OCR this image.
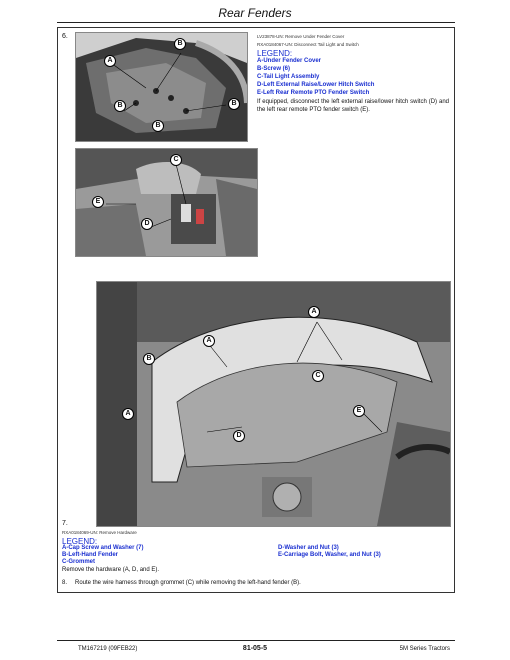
Rear Fenders
6.
A
B
B	B
B
LV23878-UN: Remove Under Fender Cover
RXA0184067-UN: Disconnect Tail Light and Switch
LEGEND:
A-Under Fender Cover
B-Screw (6)
C-Tail Light Assembly
D-Left External Raise/Lower Hitch Switch
E-Left Rear Remote PTO Fender Switch
If equipped, disconnect the left external raise/lower hitch switch (D) and the left rear remote PTO fender switch (E).
C
E
D
A
A
B
C
A	E
D
7.
RXA0184069-UN: Remove Hardware
LEGEND:
A-Cap Screw and Washer (7)
B-Left-Hand Fender
C-Grommet
D-Washer and Nut (3)
E-Carriage Bolt, Washer, and Nut (3)
Remove the hardware (A, D, and E).
8. Route the wire harness through grommet (C) while removing the left-hand fender (B).
TM167219 (09FEB22)	81-05-5	5M Series Tractors
